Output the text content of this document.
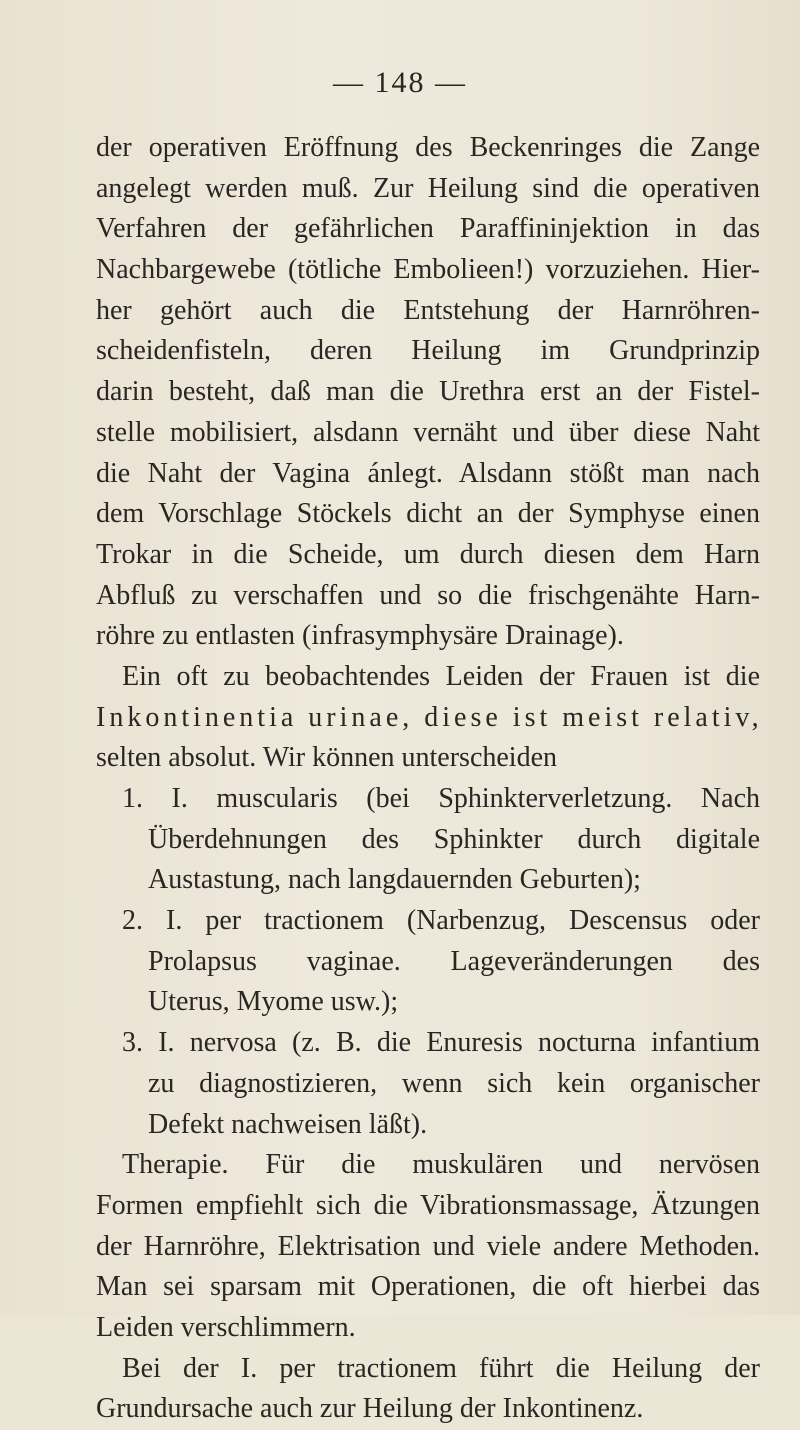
— 148 —
der operativen Eröffnung des Beckenringes die Zange
angelegt werden muß. Zur Heilung sind die operativen
Verfahren der gefährlichen Paraffininjektion in das
Nachbargewebe (tötliche Embolieen!) vorzuziehen. Hier-
her gehört auch die Entstehung der Harnröhren-
scheidenfisteln, deren Heilung im Grundprinzip
darin besteht, daß man die Urethra erst an der Fistel-
stelle mobilisiert, alsdann vernäht und über diese Naht
die Naht der Vagina ánlegt. Alsdann stößt man nach
dem Vorschlage Stöckels dicht an der Symphyse einen
Trokar in die Scheide, um durch diesen dem Harn
Abfluß zu verschaffen und so die frischgenähte Harn-
röhre zu entlasten (infrasymphysäre Drainage).
Ein oft zu beobachtendes Leiden der Frauen ist die
Inkontinentia urinae, diese ist meist relativ,
selten absolut. Wir können unterscheiden
1. I. muscularis (bei Sphinkterverletzung. Nach
Überdehnungen des Sphinkter durch digitale
Austastung, nach langdauernden Geburten);
2. I. per tractionem (Narbenzug, Descensus oder
Prolapsus vaginae. Lageveränderungen des
Uterus, Myome usw.);
3. I. nervosa (z. B. die Enuresis nocturna infantium
zu diagnostizieren, wenn sich kein organischer
Defekt nachweisen läßt).
Therapie. Für die muskulären und nervösen
Formen empfiehlt sich die Vibrationsmassage, Ätzungen
der Harnröhre, Elektrisation und viele andere Methoden.
Man sei sparsam mit Operationen, die oft hierbei das
Leiden verschlimmern.
Bei der I. per tractionem führt die Heilung der
Grundursache auch zur Heilung der Inkontinenz.
